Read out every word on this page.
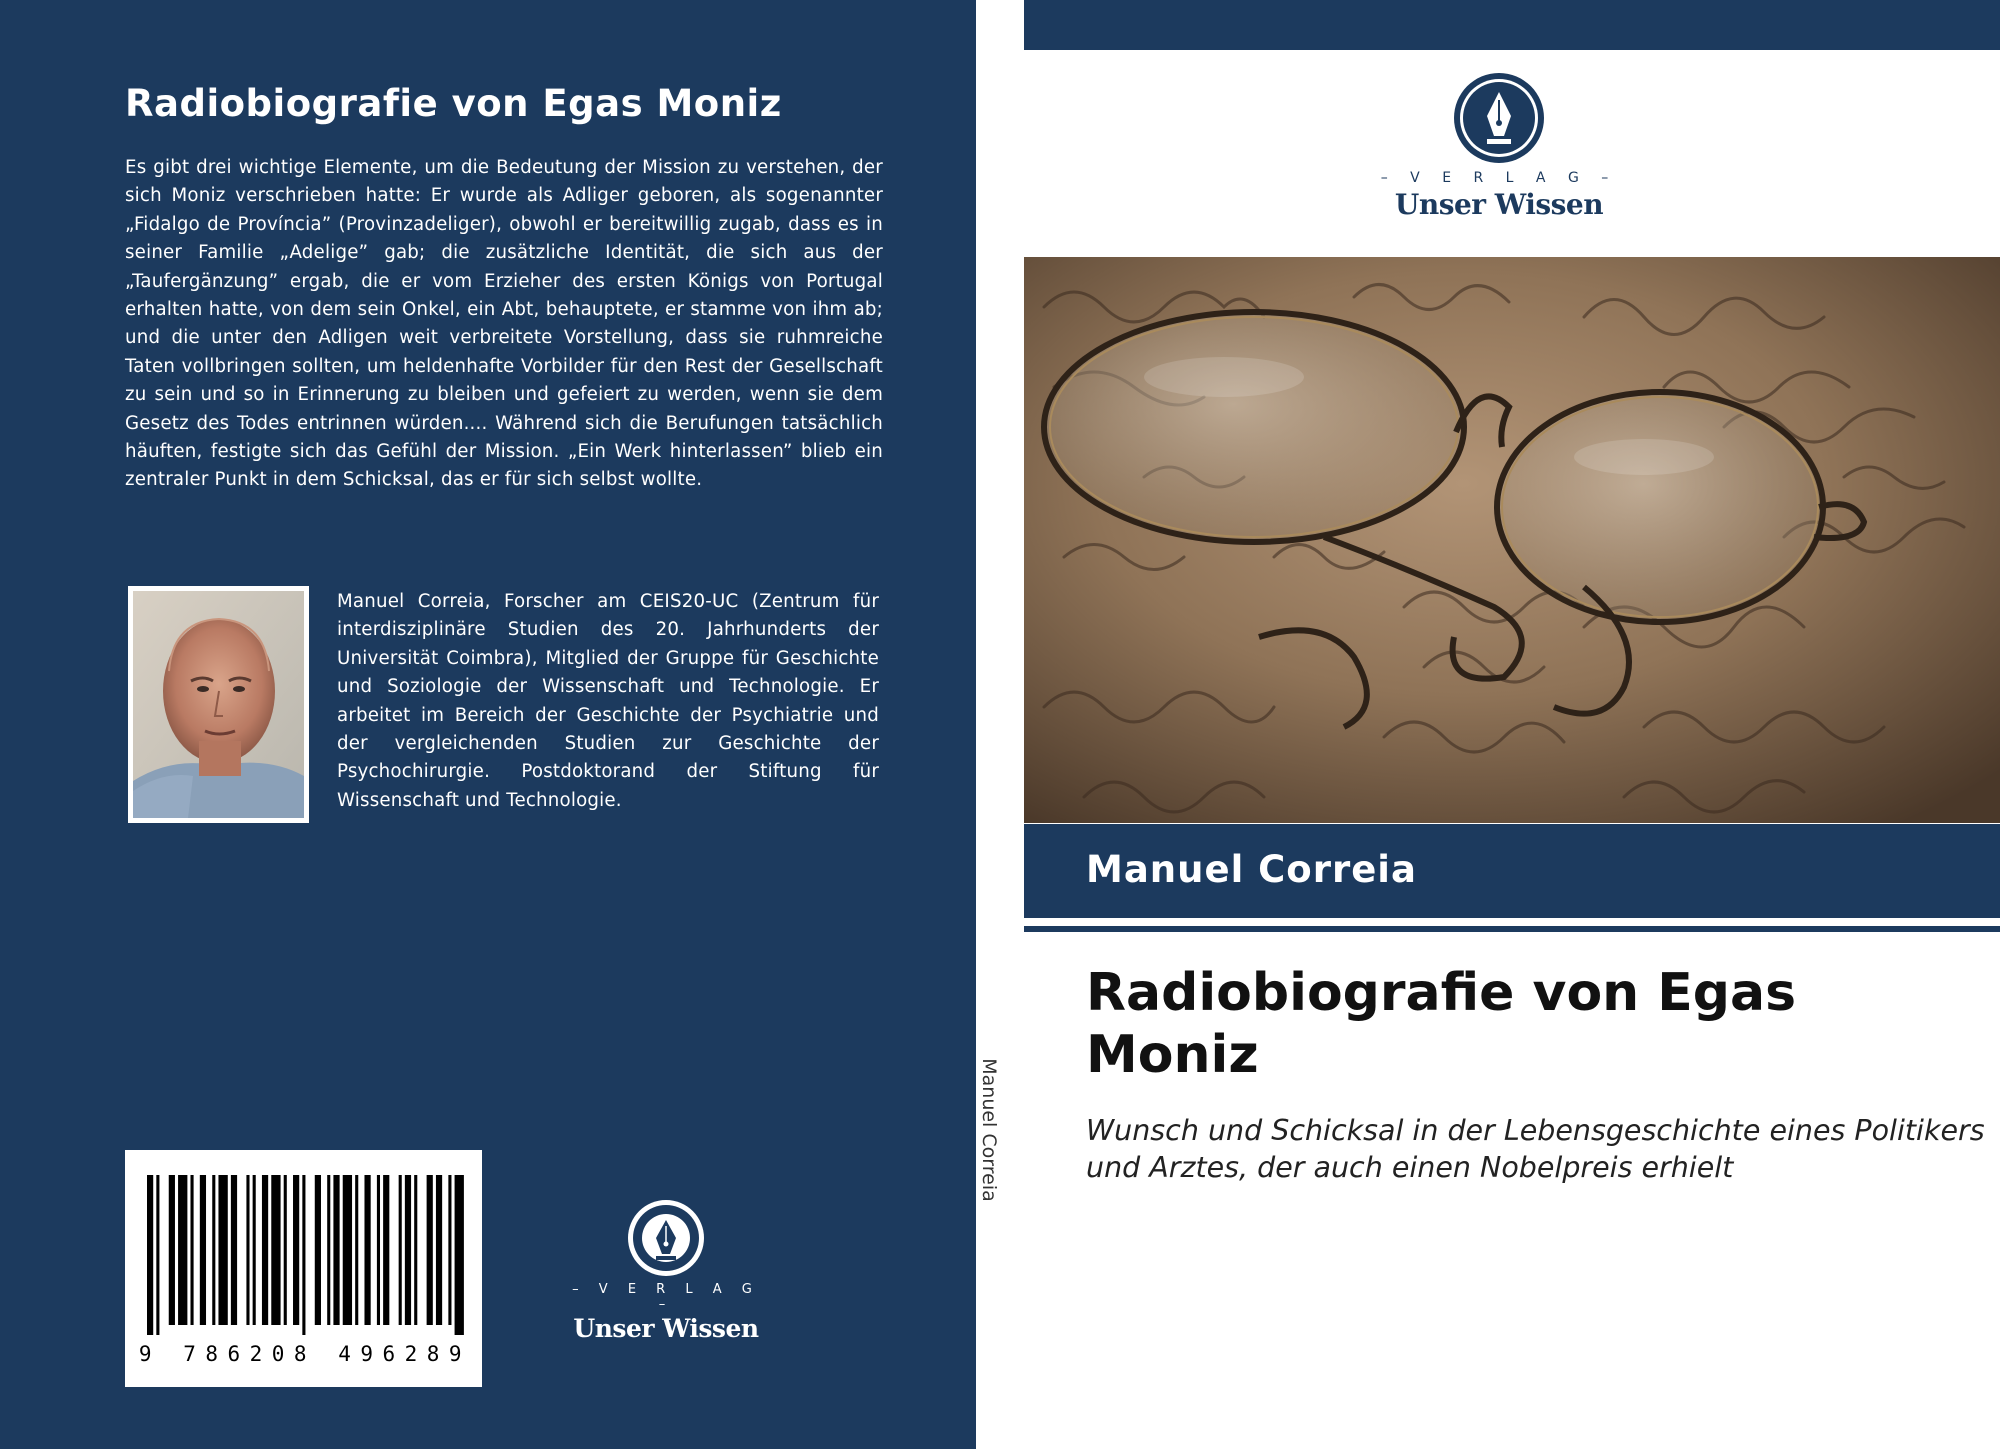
Radiobiografie von Egas Moniz
Es gibt drei wichtige Elemente, um die Bedeutung der Mission zu verstehen, der sich Moniz verschrieben hatte: Er wurde als Adliger geboren, als sogenannter „Fidalgo de Província” (Provinzadeliger), obwohl er bereitwillig zugab, dass es in seiner Familie „Adelige” gab; die zusätzliche Identität, die sich aus der „Taufergänzung” ergab, die er vom Erzieher des ersten Königs von Portugal erhalten hatte, von dem sein Onkel, ein Abt, behauptete, er stamme von ihm ab; und die unter den Adligen weit verbreitete Vorstellung, dass sie ruhmreiche Taten vollbringen sollten, um heldenhafte Vorbilder für den Rest der Gesellschaft zu sein und so in Erinnerung zu bleiben und gefeiert zu werden, wenn sie dem Gesetz des Todes entrinnen würden.... Während sich die Berufungen tatsächlich häuften, festigte sich das Gefühl der Mission. „Ein Werk hinterlassen” blieb ein zentraler Punkt in dem Schicksal, das er für sich selbst wollte.
Manuel Correia, Forscher am CEIS20-UC (Zentrum für interdisziplinäre Studien des 20. Jahrhunderts der Universität Coimbra), Mitglied der Gruppe für Geschichte und Soziologie der Wissenschaft und Technologie. Er arbeitet im Bereich der Geschichte der Psychiatrie und der vergleichenden Studien zur Geschichte der Psychochirurgie. Postdoktorand der Stiftung für Wissenschaft und Technologie.
9 786208 496289
– V E R L A G –
Unser Wissen
Manuel Correia
– V E R L A G –
Unser Wissen
Manuel Correia
Radiobiografie von Egas Moniz
Wunsch und Schicksal in der Lebensgeschichte eines Politikers und Arztes, der auch einen Nobelpreis erhielt
